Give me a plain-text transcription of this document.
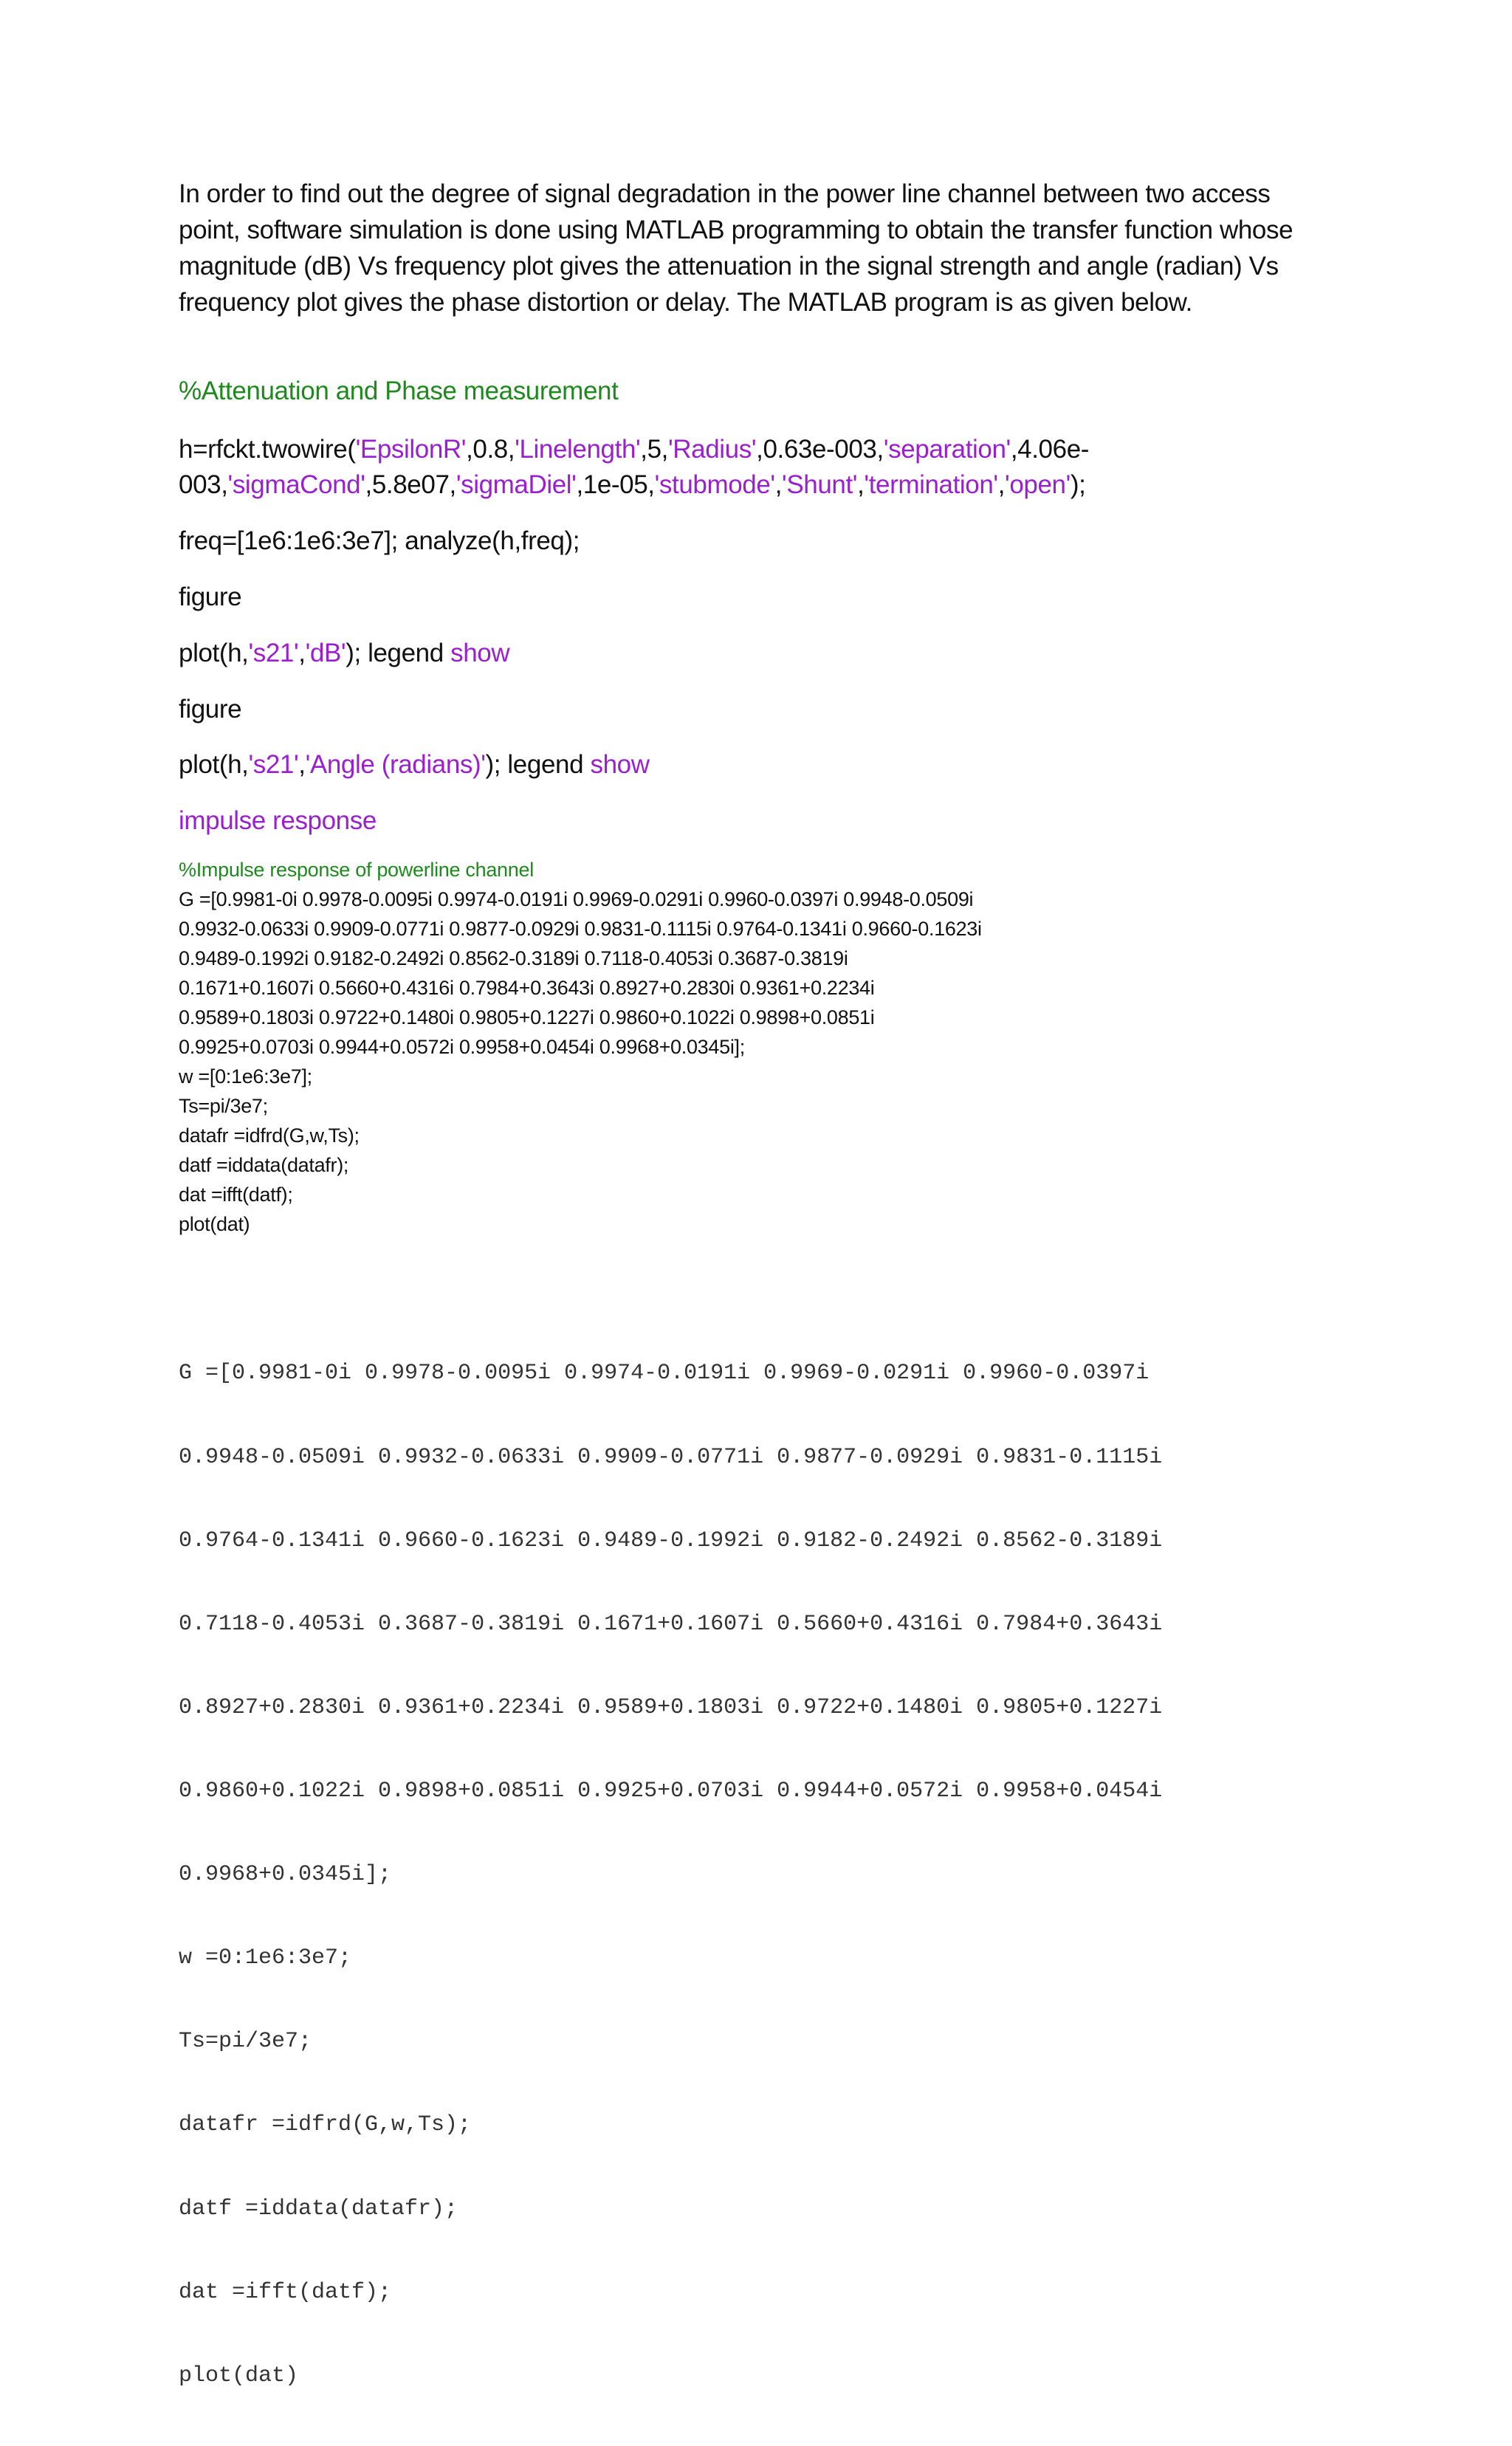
In order to find out the degree of signal degradation in the power line channel between two access
point, software simulation is done using MATLAB programming to obtain the transfer function whose
magnitude (dB) Vs frequency plot gives the attenuation in the signal strength and angle (radian) Vs
frequency plot gives the phase distortion or delay. The MATLAB program is as given below.
%Attenuation and Phase measurement
h=rfckt.twowire('EpsilonR',0.8,'Linelength',5,'Radius',0.63e-003,'separation',4.06e-
003,'sigmaCond',5.8e07,'sigmaDiel',1e-05,'stubmode','Shunt','termination','open');
freq=[1e6:1e6:3e7]; analyze(h,freq);
figure
plot(h,'s21','dB'); legend show
figure
plot(h,'s21','Angle (radians)'); legend show
impulse response
%Impulse response of powerline channel
G =[0.9981-0i 0.9978-0.0095i 0.9974-0.0191i 0.9969-0.0291i 0.9960-0.0397i 0.9948-0.0509i
0.9932-0.0633i 0.9909-0.0771i 0.9877-0.0929i 0.9831-0.1115i 0.9764-0.1341i 0.9660-0.1623i
0.9489-0.1992i 0.9182-0.2492i 0.8562-0.3189i 0.7118-0.4053i 0.3687-0.3819i
0.1671+0.1607i 0.5660+0.4316i 0.7984+0.3643i 0.8927+0.2830i 0.9361+0.2234i
0.9589+0.1803i 0.9722+0.1480i 0.9805+0.1227i 0.9860+0.1022i 0.9898+0.0851i
0.9925+0.0703i 0.9944+0.0572i 0.9958+0.0454i 0.9968+0.0345i];
w =[0:1e6:3e7];
Ts=pi/3e7;
datafr =idfrd(G,w,Ts);
datf =iddata(datafr);
dat =ifft(datf);
plot(dat)

G =[0.9981-0i 0.9978-0.0095i 0.9974-0.0191i 0.9969-0.0291i 0.9960-0.0397i

0.9948-0.0509i 0.9932-0.0633i 0.9909-0.0771i 0.9877-0.0929i 0.9831-0.1115i

0.9764-0.1341i 0.9660-0.1623i 0.9489-0.1992i 0.9182-0.2492i 0.8562-0.3189i

0.7118-0.4053i 0.3687-0.3819i 0.1671+0.1607i 0.5660+0.4316i 0.7984+0.3643i

0.8927+0.2830i 0.9361+0.2234i 0.9589+0.1803i 0.9722+0.1480i 0.9805+0.1227i

0.9860+0.1022i 0.9898+0.0851i 0.9925+0.0703i 0.9944+0.0572i 0.9958+0.0454i

0.9968+0.0345i];

w =0:1e6:3e7;

Ts=pi/3e7;

datafr =idfrd(G,w,Ts);

datf =iddata(datafr);

dat =ifft(datf);

plot(dat)
